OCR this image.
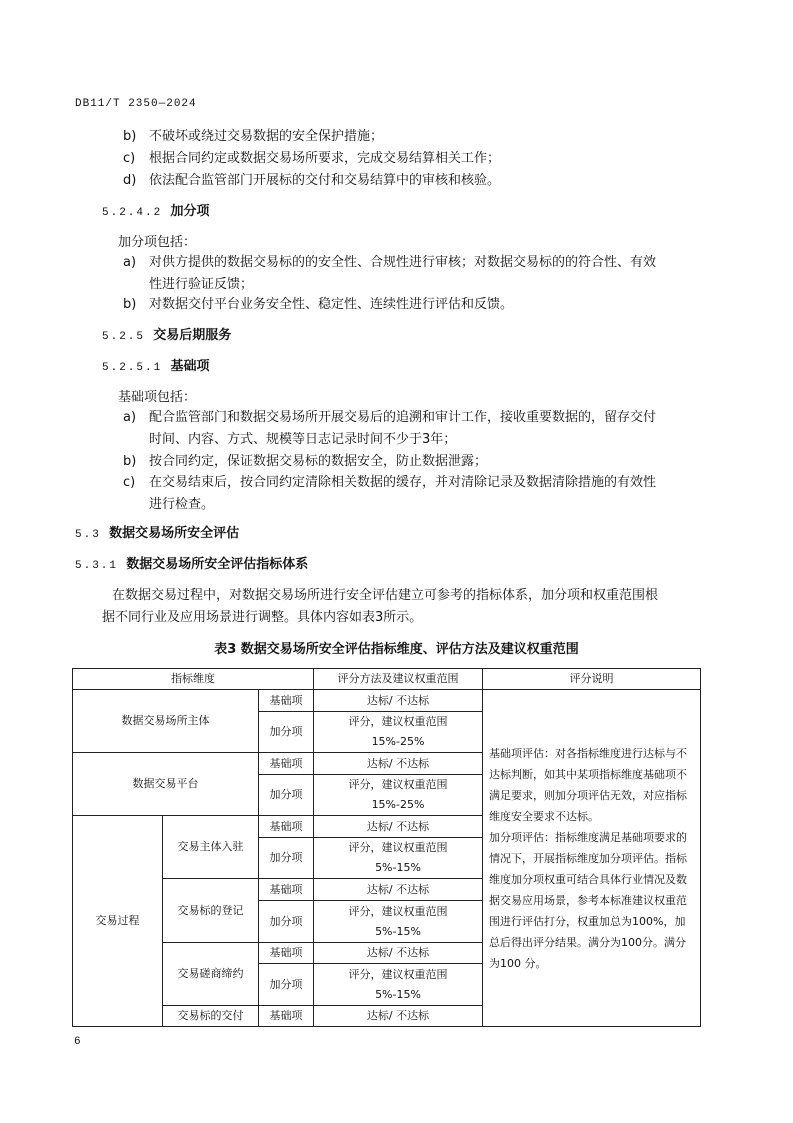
DB11/T 2350—2024
b) 不破坏或绕过交易数据的安全保护措施；
c) 根据合同约定或数据交易场所要求，完成交易结算相关工作；
d) 依法配合监管部门开展标的交付和交易结算中的审核和核验。
5.2.4.2 加分项
加分项包括：
a) 对供方提供的数据交易标的的安全性、合规性进行审核；对数据交易标的的符合性、有效
性进行验证反馈；
b) 对数据交付平台业务安全性、稳定性、连续性进行评估和反馈。
5.2.5 交易后期服务
5.2.5.1 基础项
基础项包括：
a) 配合监管部门和数据交易场所开展交易后的追溯和审计工作，接收重要数据的，留存交付
时间、内容、方式、规模等日志记录时间不少于3年；
b) 按合同约定，保证数据交易标的数据安全，防止数据泄露；
c) 在交易结束后，按合同约定清除相关数据的缓存，并对清除记录及数据清除措施的有效性
进行检查。
5.3 数据交易场所安全评估
5.3.1 数据交易场所安全评估指标体系
在数据交易过程中，对数据交易场所进行安全评估建立可参考的指标体系，加分项和权重范围根
据不同行业及应用场景进行调整。具体内容如表3所示。
表3 数据交易场所安全评估指标维度、评估方法及建议权重范围
指标维度			评分方法及建议权重范围	评分说明
数据交易场所主体		基础项	达标/ 不达标	基础项评估：对各指标维度进行达标与不达标判断，如其中某项指标维度基础项不满足要求，则加分项评估无效，对应指标维度安全要求不达标。
加分项评估：指标维度满足基础项要求的情况下，开展指标维度加分项评估。指标维度加分项权重可结合具体行业情况及数据交易应用场景，参考本标准建议权重范围进行评估打分，权重加总为100%，加总后得出评分结果。满分为100分。满分为100 分。

		加分项	评分，建议权重范围
15%-25%	

数据交易平台		基础项	达标/ 不达标	
		加分项	评分，建议权重范围
15%-25%	

交易过程	交易主体入驻	基础项	达标/ 不达标	
		加分项	评分，建议权重范围
5%-15%	

	交易标的登记	基础项	达标/ 不达标	
		加分项	评分，建议权重范围
5%-15%	

	交易磋商缔约	基础项	达标/ 不达标	
		加分项	评分，建议权重范围
5%-15%	

	交易标的交付	基础项	达标/ 不达标	
6
